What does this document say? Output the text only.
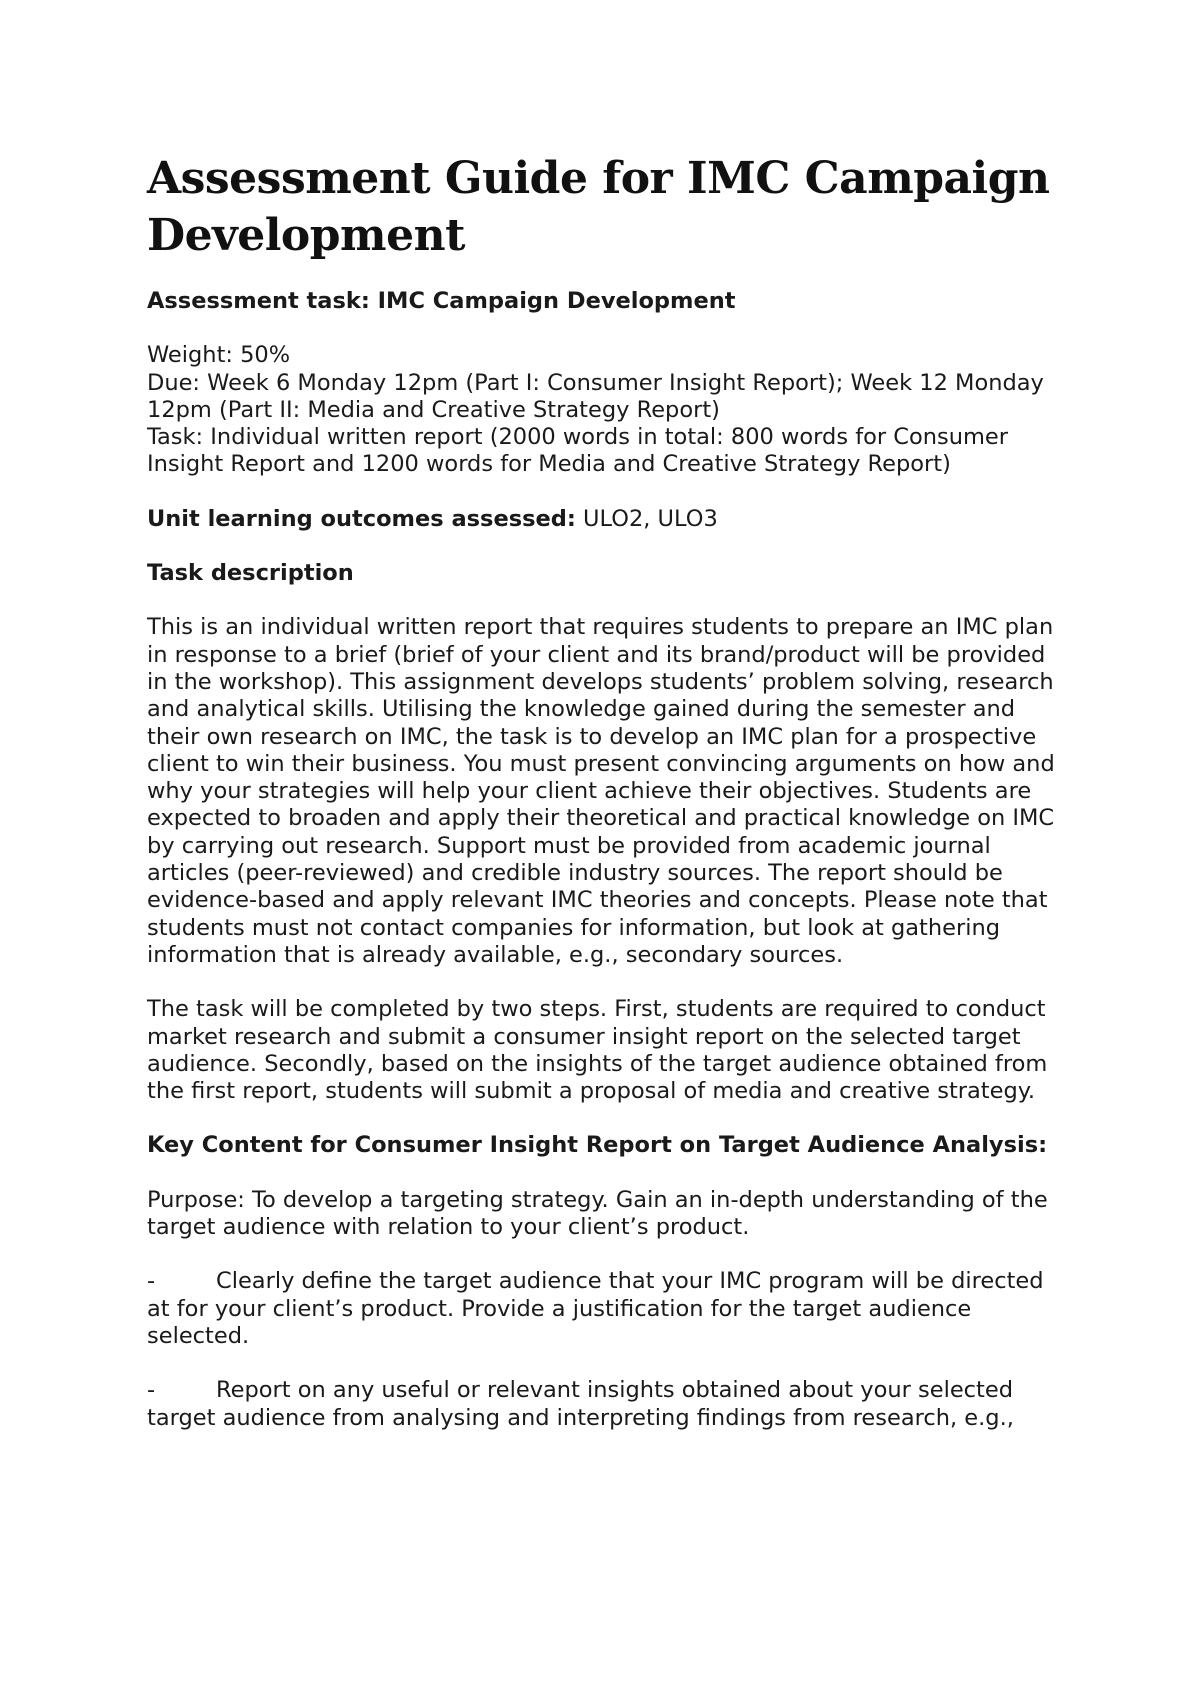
Assessment Guide for IMC Campaign Development

Assessment task: IMC Campaign Development

Weight: 50%
Due: Week 6 Monday 12pm (Part I: Consumer Insight Report); Week 12 Monday 12pm (Part II: Media and Creative Strategy Report)
Task: Individual written report (2000 words in total: 800 words for Consumer Insight Report and 1200 words for Media and Creative Strategy Report)

Unit learning outcomes assessed: ULO2, ULO3

Task description

This is an individual written report that requires students to prepare an IMC plan in response to a brief (brief of your client and its brand/product will be provided in the workshop). This assignment develops students’ problem solving, research and analytical skills. Utilising the knowledge gained during the semester and their own research on IMC, the task is to develop an IMC plan for a prospective client to win their business. You must present convincing arguments on how and why your strategies will help your client achieve their objectives. Students are expected to broaden and apply their theoretical and practical knowledge on IMC by carrying out research. Support must be provided from academic journal articles (peer-reviewed) and credible industry sources. The report should be evidence-based and apply relevant IMC theories and concepts. Please note that students must not contact companies for information, but look at gathering information that is already available, e.g., secondary sources.

The task will be completed by two steps. First, students are required to conduct market research and submit a consumer insight report on the selected target audience. Secondly, based on the insights of the target audience obtained from the first report, students will submit a proposal of media and creative strategy.

Key Content for Consumer Insight Report on Target Audience Analysis:

Purpose: To develop a targeting strategy. Gain an in-depth understanding of the target audience with relation to your client’s product.

-	Clearly define the target audience that your IMC program will be directed at for your client’s product. Provide a justification for the target audience selected.
-	Report on any useful or relevant insights obtained about your selected target audience from analysing and interpreting findings from research, e.g.,
